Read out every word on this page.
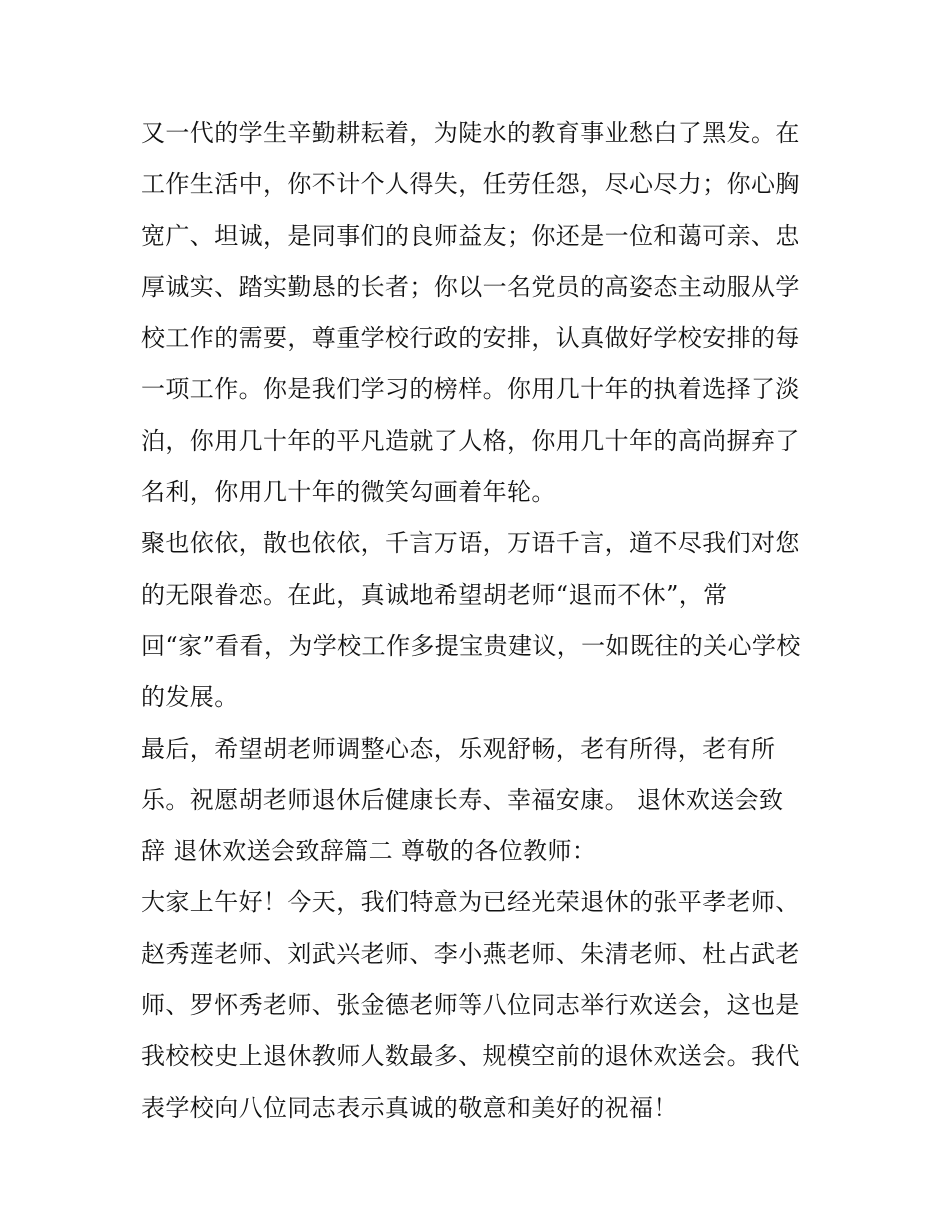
又一代的学生辛勤耕耘着，为陡水的教育事业愁白了黑发。在
工作生活中，你不计个人得失，任劳任怨，尽心尽力；你心胸
宽广、坦诚，是同事们的良师益友；你还是一位和蔼可亲、忠
厚诚实、踏实勤恳的长者；你以一名党员的高姿态主动服从学
校工作的需要，尊重学校行政的安排，认真做好学校安排的每
一项工作。你是我们学习的榜样。你用几十年的执着选择了淡
泊，你用几十年的平凡造就了人格，你用几十年的高尚摒弃了
名利，你用几十年的微笑勾画着年轮。
聚也依依，散也依依，千言万语，万语千言，道不尽我们对您
的无限眷恋。在此，真诚地希望胡老师“退而不休”，常
回“家”看看，为学校工作多提宝贵建议，一如既往的关心学校
的发展。
最后，希望胡老师调整心态，乐观舒畅，老有所得，老有所
乐。祝愿胡老师退休后健康长寿、幸福安康。 退休欢送会致
辞 退休欢送会致辞篇二 尊敬的各位教师：
大家上午好！今天，我们特意为已经光荣退休的张平孝老师、
赵秀莲老师、刘武兴老师、李小燕老师、朱清老师、杜占武老
师、罗怀秀老师、张金德老师等八位同志举行欢送会，这也是
我校校史上退休教师人数最多、规模空前的退休欢送会。我代
表学校向八位同志表示真诚的敬意和美好的祝福！
